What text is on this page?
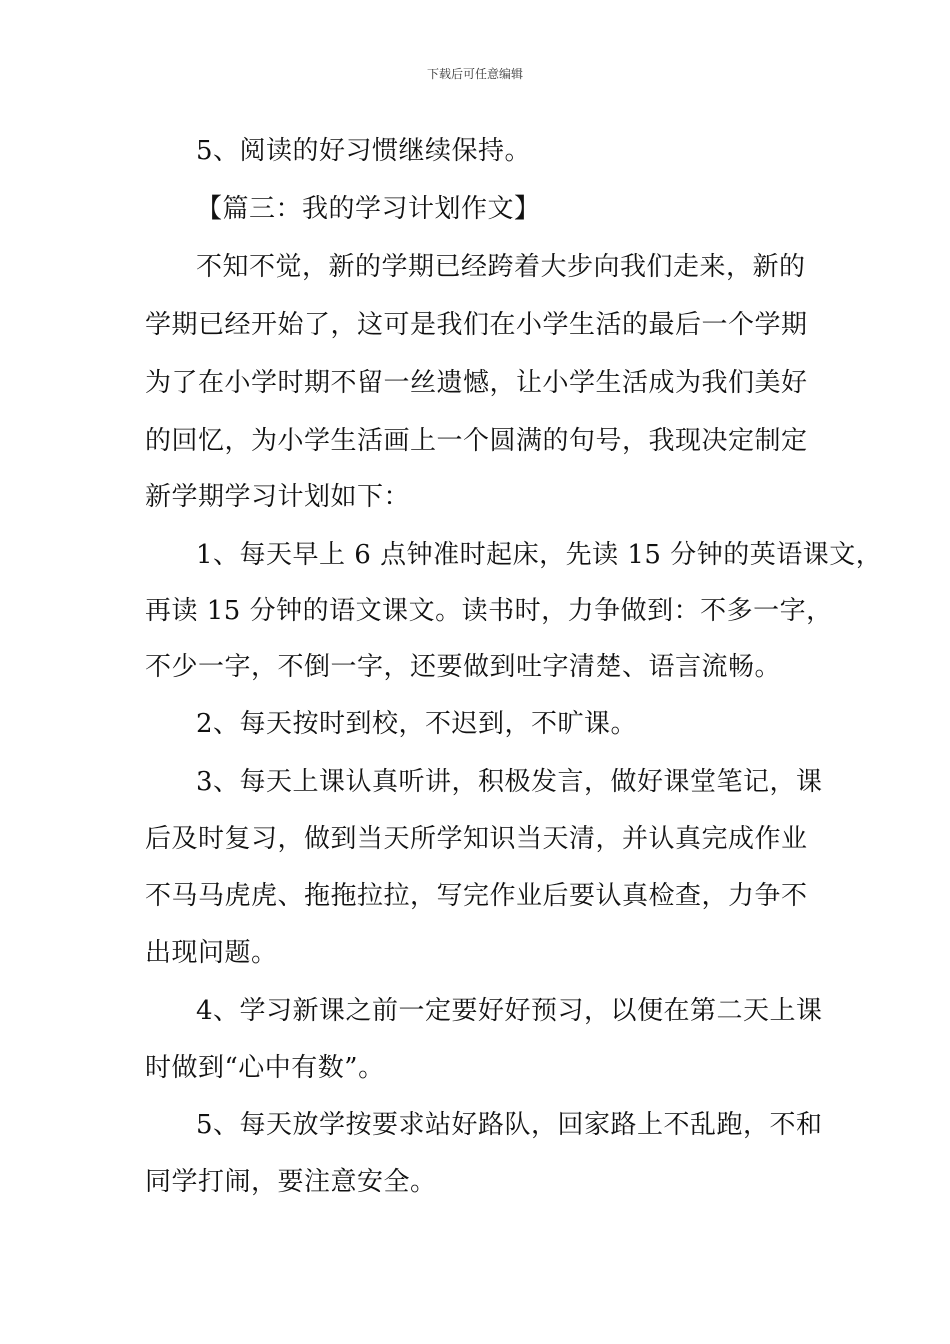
下载后可任意编辑
5、阅读的好习惯继续保持。
【篇三：我的学习计划作文】
不知不觉，新的学期已经跨着大步向我们走来，新的
学期已经开始了，这可是我们在小学生活的最后一个学期
为了在小学时期不留一丝遗憾，让小学生活成为我们美好
的回忆，为小学生活画上一个圆满的句号，我现决定制定
新学期学习计划如下：
1、每天早上 6 点钟准时起床，先读 15 分钟的英语课文，
再读 15 分钟的语文课文。读书时，力争做到：不多一字，
不少一字，不倒一字，还要做到吐字清楚、语言流畅。
2、每天按时到校，不迟到，不旷课。
3、每天上课认真听讲，积极发言，做好课堂笔记，课
后及时复习，做到当天所学知识当天清，并认真完成作业
不马马虎虎、拖拖拉拉，写完作业后要认真检查，力争不
出现问题。
4、学习新课之前一定要好好预习，以便在第二天上课
时做到“心中有数”。
5、每天放学按要求站好路队，回家路上不乱跑，不和
同学打闹，要注意安全。
